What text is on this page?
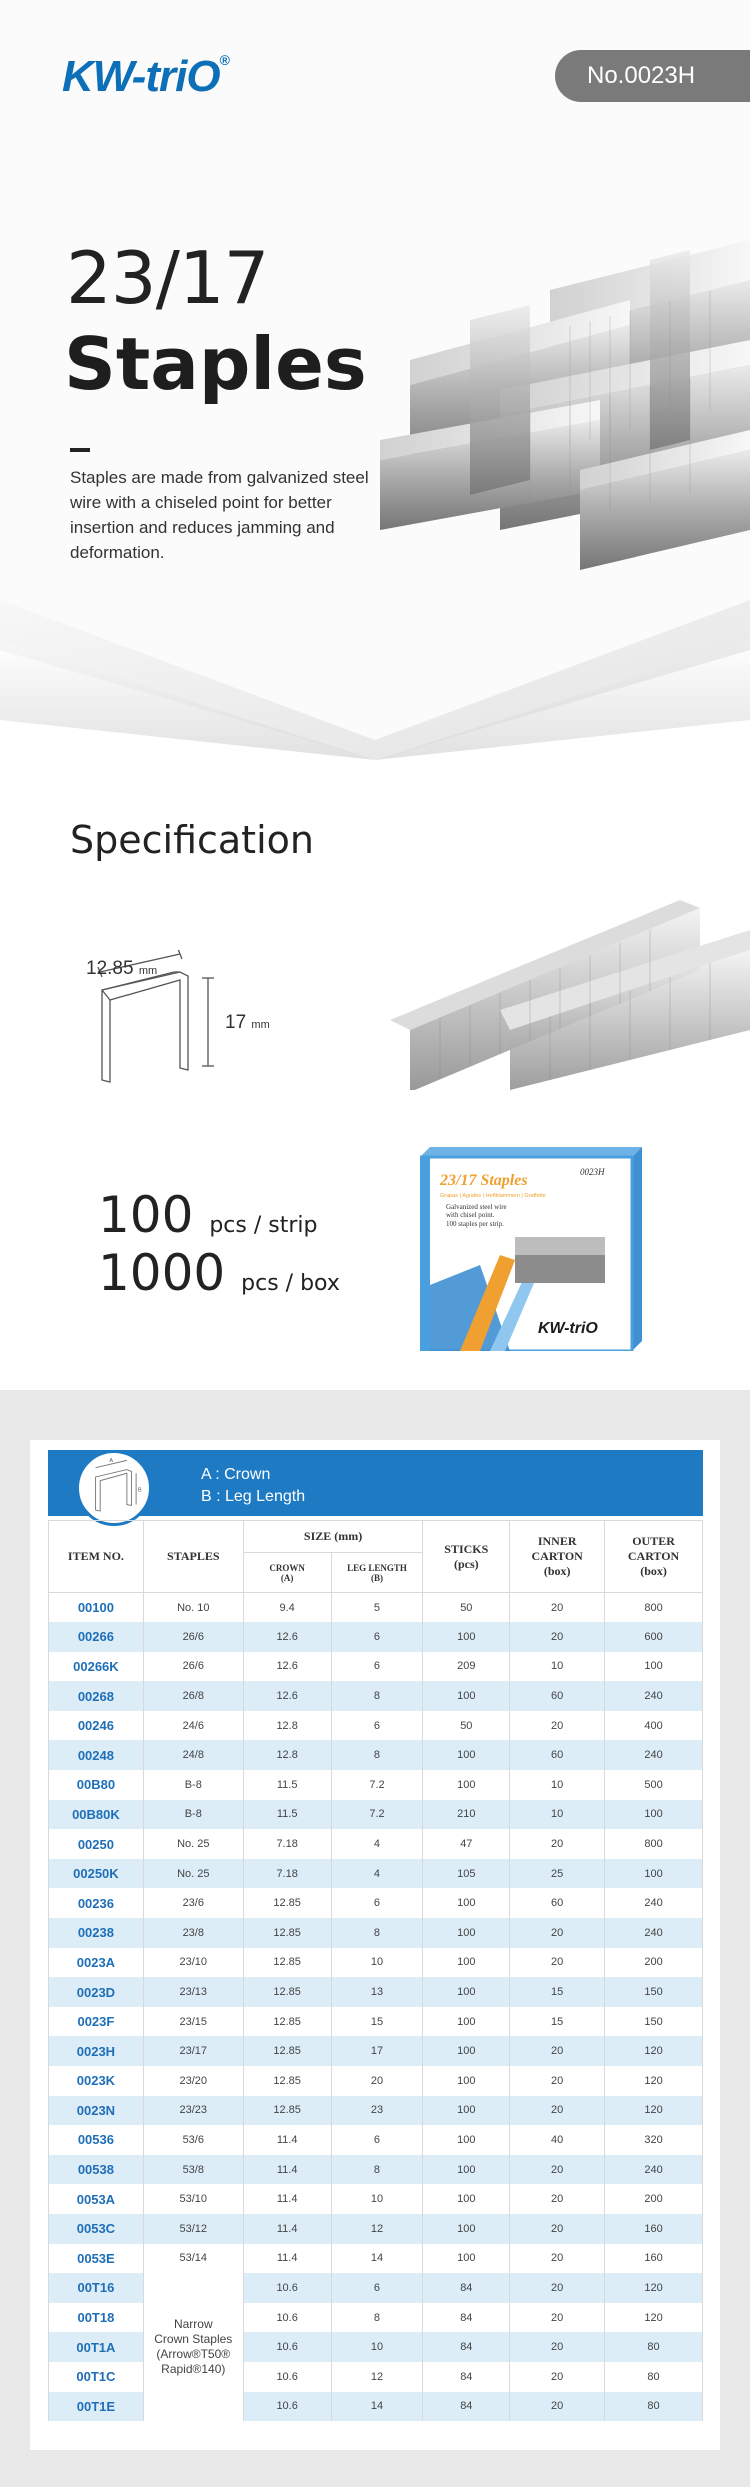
KW-triO®
No.0023H
23/17
Staples
Staples are made from galvanized steel wire with a chiseled point for better insertion and reduces jamming and deformation.
Specification
12.85 mm
17 mm
100 pcs / strip
1000 pcs / box
23/17 Staples	0023H
Grapas | Agrafes | Heftklammern | Graffette
Galvanized steel wire
with chisel point.
100 staples per strip.
KW-triO
A
B
A : Crown
B : Leg Length
ITEM NO.	STAPLES	SIZE (mm)		STICKS
(pcs)	INNER
CARTON
(box)	OUTER
CARTON
(box)
		CROWN
(A)	LEG LENGTH
(B)			
00100	No. 10	9.4	5	50	20	800
00266	26/6	12.6	6	100	20	600
00266K	26/6	12.6	6	209	10	100
00268	26/8	12.6	8	100	60	240
00246	24/6	12.8	6	50	20	400
00248	24/8	12.8	8	100	60	240
00B80	B-8	11.5	7.2	100	10	500
00B80K	B-8	11.5	7.2	210	10	100
00250	No. 25	7.18	4	47	20	800
00250K	No. 25	7.18	4	105	25	100
00236	23/6	12.85	6	100	60	240
00238	23/8	12.85	8	100	20	240
0023A	23/10	12.85	10	100	20	200
0023D	23/13	12.85	13	100	15	150
0023F	23/15	12.85	15	100	15	150
0023H	23/17	12.85	17	100	20	120
0023K	23/20	12.85	20	100	20	120
0023N	23/23	12.85	23	100	20	120
00536	53/6	11.4	6	100	40	320
00538	53/8	11.4	8	100	20	240
0053A	53/10	11.4	10	100	20	200
0053C	53/12	11.4	12	100	20	160
0053E	53/14	11.4	14	100	20	160
00T16	Narrow
Crown Staples
(Arrow®T50®
Rapid®140)	10.6	6	84	20	120
00T18		10.6	8	84	20	120
00T1A		10.6	10	84	20	80
00T1C		10.6	12	84	20	80
00T1E		10.6	14	84	20	80
